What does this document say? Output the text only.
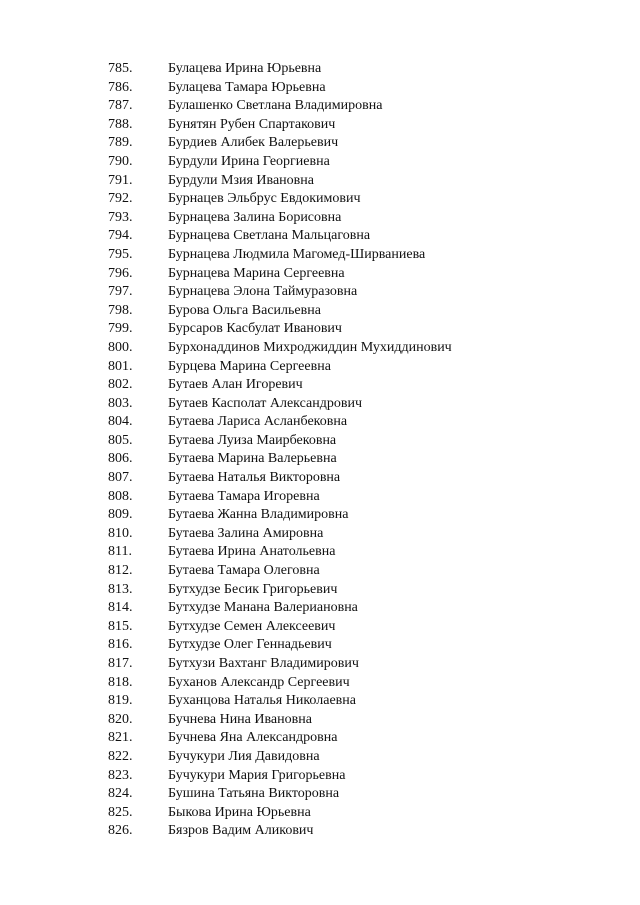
785.	Булацева Ирина Юрьевна
786.	Булацева Тамара Юрьевна
787.	Булашенко Светлана Владимировна
788.	Бунятян Рубен Спартакович
789.	Бурдиев Алибек Валерьевич
790.	Бурдули Ирина Георгиевна
791.	Бурдули Мзия Ивановна
792.	Бурнацев Эльбрус Евдокимович
793.	Бурнацева Залина Борисовна
794.	Бурнацева Светлана Мальцаговна
795.	Бурнацева Людмила Магомед-Ширваниева
796.	Бурнацева Марина Сергеевна
797.	Бурнацева Элона Таймуразовна
798.	Бурова Ольга Васильевна
799.	Бурсаров Касбулат Иванович
800.	Бурхонаддинов Михроджиддин Мухиддинович
801.	Бурцева Марина Сергеевна
802.	Бутаев Алан Игоревич
803.	Бутаев Касполат Александрович
804.	Бутаева Лариса Асланбековна
805.	Бутаева Луиза Маирбековна
806.	Бутаева Марина Валерьевна
807.	Бутаева Наталья Викторовна
808.	Бутаева Тамара Игоревна
809.	Бутаева Жанна Владимировна
810.	Бутаева Залина Амировна
811.	Бутаева Ирина Анатольевна
812.	Бутаева Тамара Олеговна
813.	Бутхудзе Бесик Григорьевич
814.	Бутхудзе Манана Валериановна
815.	Бутхудзе Семен Алексеевич
816.	Бутхудзе Олег Геннадьевич
817.	Бутхузи Вахтанг Владимирович
818.	Буханов Александр Сергеевич
819.	Буханцова Наталья Николаевна
820.	Бучнева Нина Ивановна
821.	Бучнева Яна Александровна
822.	Бучукури Лия Давидовна
823.	Бучукури Мария Григорьевна
824.	Бушина Татьяна Викторовна
825.	Быкова Ирина Юрьевна
826.	Бязров Вадим Аликович
